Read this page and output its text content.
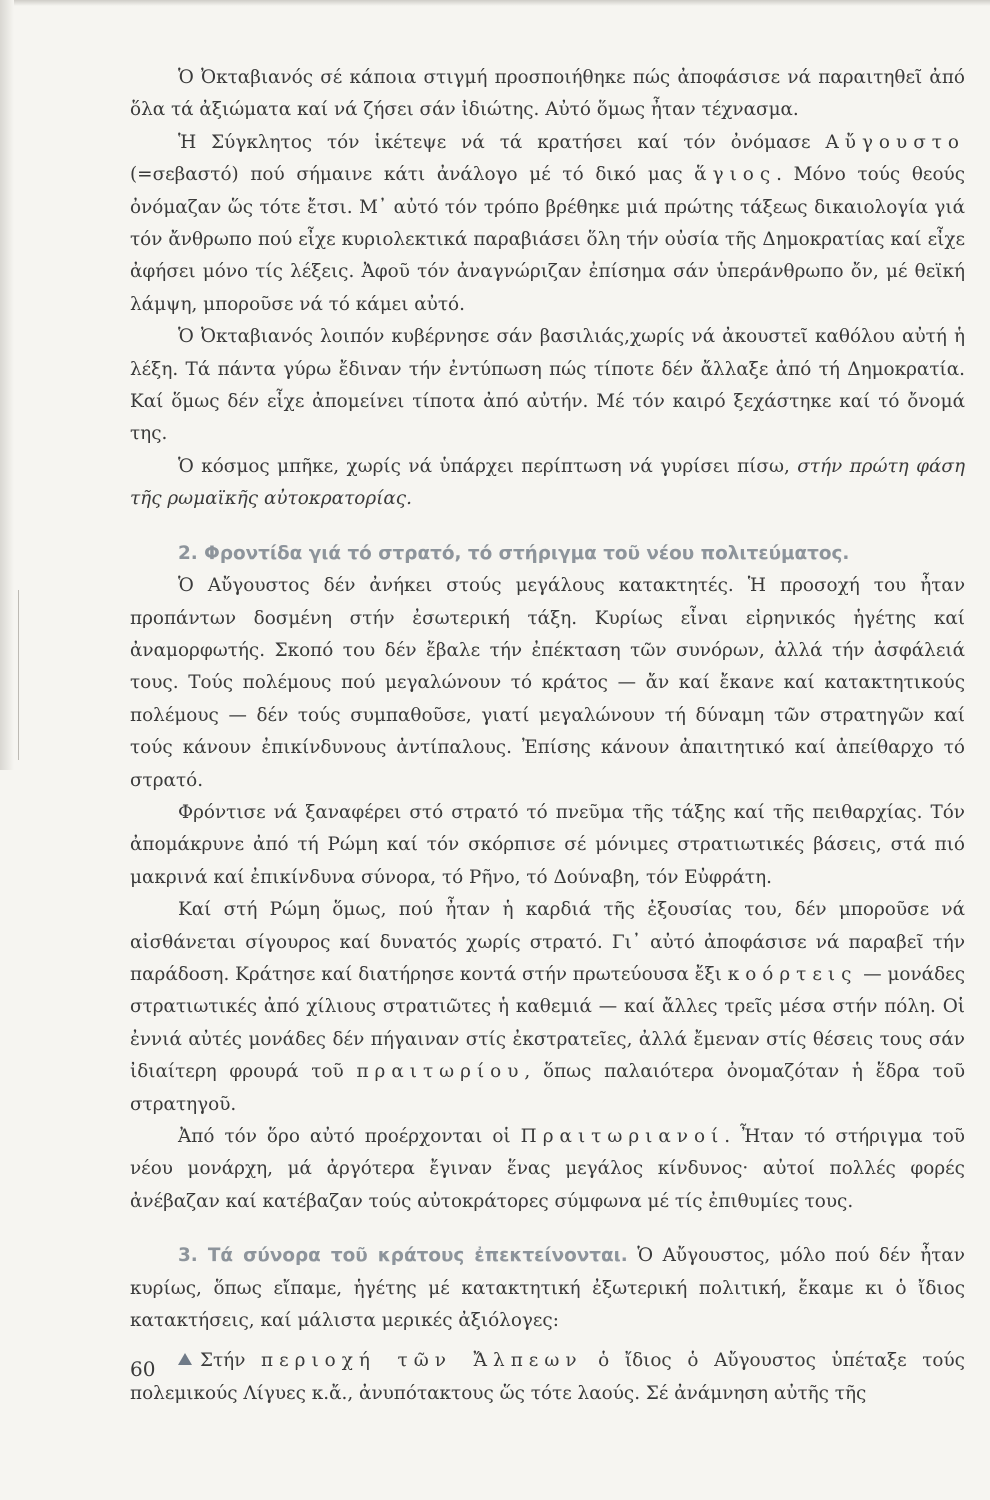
Ὁ Ὀκταβιανός σέ κάποια στιγμή προσποιήθηκε πώς ἀποφάσισε νά παραιτηθεῖ ἀπό ὅλα τά ἀξιώματα καί νά ζήσει σάν ἰδιώτης. Αὐτό ὅμως ἦταν τέχνασμα.

Ἡ Σύγκλητος τόν ἱκέτεψε νά τά κρατήσει καί τόν ὀνόμασε Αὔγουστο (=σεβαστό) πού σήμαινε κάτι ἀνάλογο μέ τό δικό μας ἅγιος. Μόνο τούς θεούς ὀνόμαζαν ὥς τότε ἔτσι. Μ᾽ αὐτό τόν τρόπο βρέθηκε μιά πρώτης τάξεως δικαιολογία γιά τόν ἄνθρωπο πού εἶχε κυριολεκτικά παραβιάσει ὅλη τήν οὐσία τῆς Δημοκρατίας καί εἶχε ἀφήσει μόνο τίς λέξεις. Ἀφοῦ τόν ἀναγνώριζαν ἐπίσημα σάν ὑπεράνθρωπο ὄν, μέ θεϊκή λάμψη, μποροῦσε νά τό κάμει αὐτό.

Ὁ Ὀκταβιανός λοιπόν κυβέρνησε σάν βασιλιάς,χωρίς νά ἀκουστεῖ καθόλου αὐτή ἡ λέξη. Τά πάντα γύρω ἔδιναν τήν ἐντύπωση πώς τίποτε δέν ἄλλαξε ἀπό τή Δημοκρατία. Καί ὅμως δέν εἶχε ἀπομείνει τίποτα ἀπό αὐτήν. Μέ τόν καιρό ξεχάστηκε καί τό ὄνομά της.

Ὁ κόσμος μπῆκε, χωρίς νά ὑπάρχει περίπτωση νά γυρίσει πίσω, στήν πρώτη φάση τῆς ρωμαϊκῆς αὐτοκρατορίας.

2. Φροντίδα γιά τό στρατό, τό στήριγμα τοῦ νέου πολιτεύματος.

Ὁ Αὔγουστος δέν ἀνήκει στούς μεγάλους κατακτητές. Ἡ προσοχή του ἦταν προπάντων δοσμένη στήν ἐσωτερική τάξη. Κυρίως εἶναι εἰρηνικός ἡγέτης καί ἀναμορφωτής. Σκοπό του δέν ἔβαλε τήν ἐπέκταση τῶν συνόρων, ἀλλά τήν ἀσφάλειά τους. Τούς πολέμους πού μεγαλώνουν τό κράτος — ἄν καί ἔκανε καί κατακτητικούς πολέμους — δέν τούς συμπαθοῦσε, γιατί μεγαλώνουν τή δύναμη τῶν στρατηγῶν καί τούς κάνουν ἐπικίνδυνους ἀντίπαλους. Ἐπίσης κάνουν ἀπαιτητικό καί ἀπείθαρχο τό στρατό.

Φρόντισε νά ξαναφέρει στό στρατό τό πνεῦμα τῆς τάξης καί τῆς πειθαρχίας. Τόν ἀπομάκρυνε ἀπό τή Ρώμη καί τόν σκόρπισε σέ μόνιμες στρατιωτικές βάσεις, στά πιό μακρινά καί ἐπικίνδυνα σύνορα, τό Ρῆνο, τό Δούναβη, τόν Εὐφράτη.

Καί στή Ρώμη ὅμως, πού ἦταν ἡ καρδιά τῆς ἐξουσίας του, δέν μποροῦσε νά αἰσθάνεται σίγουρος καί δυνατός χωρίς στρατό. Γι᾽ αὐτό ἀποφάσισε νά παραβεῖ τήν παράδοση. Κράτησε καί διατήρησε κοντά στήν πρωτεύουσα ἔξι κοόρτεις — μονάδες στρατιωτικές ἀπό χίλιους στρατιῶτες ἡ καθεμιά — καί ἄλλες τρεῖς μέσα στήν πόλη. Οἱ ἐννιά αὐτές μονάδες δέν πήγαιναν στίς ἐκστρατεῖες, ἀλλά ἔμεναν στίς θέσεις τους σάν ἰδιαίτερη φρουρά τοῦ πραιτωρίου, ὅπως παλαιότερα ὀνομαζόταν ἡ ἕδρα τοῦ στρατηγοῦ.

Ἀπό τόν ὅρο αὐτό προέρχονται οἱ Πραιτωριανοί. Ἦταν τό στήριγμα τοῦ νέου μονάρχη, μά ἀργότερα ἔγιναν ἕνας μεγάλος κίνδυνος· αὐτοί πολλές φορές ἀνέβαζαν καί κατέβαζαν τούς αὐτοκράτορες σύμφωνα μέ τίς ἐπιθυμίες τους.

3. Τά σύνορα τοῦ κράτους ἐπεκτείνονται. Ὁ Αὔγουστος, μόλο πού δέν ἦταν κυρίως, ὅπως εἴπαμε, ἡγέτης μέ κατακτητική ἐξωτερική πολιτική, ἔκαμε κι ὁ ἴδιος κατακτήσεις, καί μάλιστα μερικές ἀξιόλογες:

Στήν περιοχή τῶν Ἄλπεων ὁ ἴδιος ὁ Αὔγουστος ὑπέταξε τούς πολεμικούς Λίγυες κ.ἄ., ἀνυπότακτους ὥς τότε λαούς. Σέ ἀνάμνηση αὐτῆς τῆς

60
